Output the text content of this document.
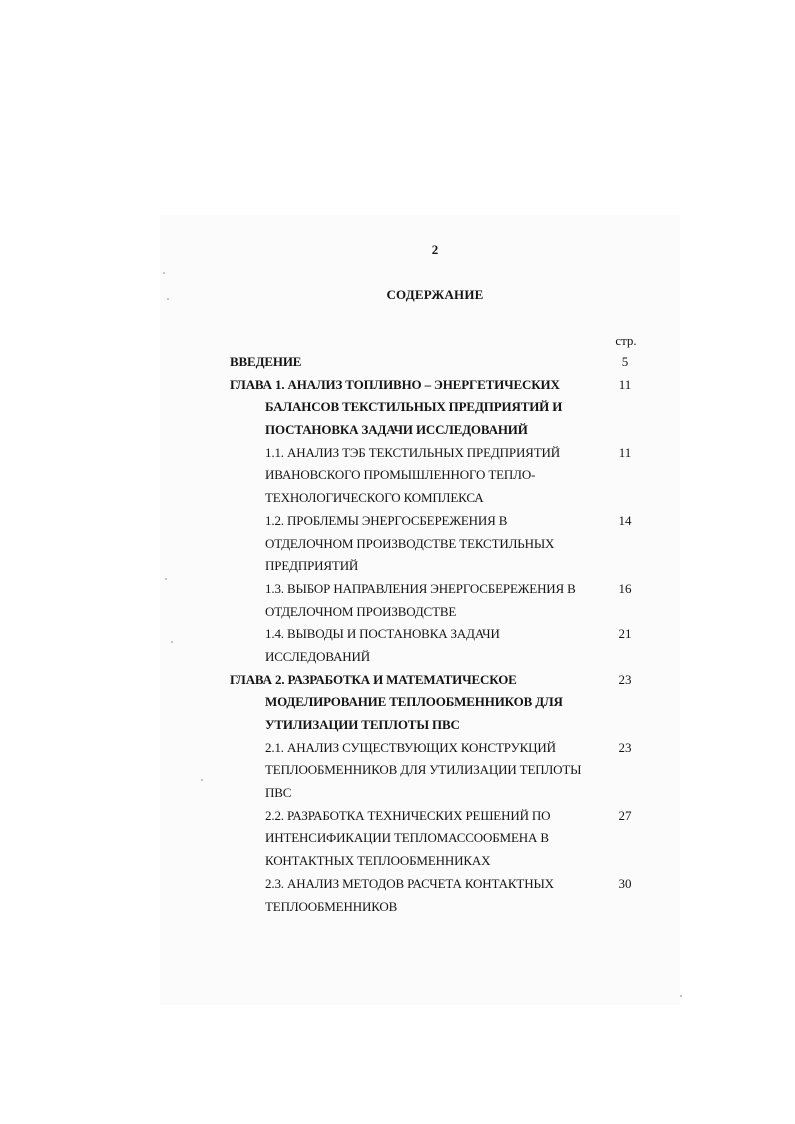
2
СОДЕРЖАНИЕ
стр.
ВВЕДЕНИЕ	5
ГЛАВА 1. АНАЛИЗ ТОПЛИВНО – ЭНЕРГЕТИЧЕСКИХ
БАЛАНСОВ ТЕКСТИЛЬНЫХ ПРЕДПРИЯТИЙ И
ПОСТАНОВКА ЗАДАЧИ ИССЛЕДОВАНИЙ
11
1.1. АНАЛИЗ ТЭБ ТЕКСТИЛЬНЫХ ПРЕДПРИЯТИЙ
ИВАНОВСКОГО ПРОМЫШЛЕННОГО ТЕПЛО-
ТЕХНОЛОГИЧЕСКОГО КОМПЛЕКСА
11
1.2. ПРОБЛЕМЫ ЭНЕРГОСБЕРЕЖЕНИЯ В
ОТДЕЛОЧНОМ ПРОИЗВОДСТВЕ ТЕКСТИЛЬНЫХ
ПРЕДПРИЯТИЙ
14
1.3. ВЫБОР НАПРАВЛЕНИЯ ЭНЕРГОСБЕРЕЖЕНИЯ В
ОТДЕЛОЧНОМ ПРОИЗВОДСТВЕ
16
1.4. ВЫВОДЫ И ПОСТАНОВКА ЗАДАЧИ
ИССЛЕДОВАНИЙ
21
ГЛАВА 2. РАЗРАБОТКА И МАТЕМАТИЧЕСКОЕ
МОДЕЛИРОВАНИЕ ТЕПЛООБМЕННИКОВ ДЛЯ
УТИЛИЗАЦИИ ТЕПЛОТЫ ПВС
23
2.1. АНАЛИЗ СУЩЕСТВУЮЩИХ КОНСТРУКЦИЙ
ТЕПЛООБМЕННИКОВ ДЛЯ УТИЛИЗАЦИИ ТЕПЛОТЫ
ПВС
23
2.2. РАЗРАБОТКА ТЕХНИЧЕСКИХ РЕШЕНИЙ ПО
ИНТЕНСИФИКАЦИИ ТЕПЛОМАССООБМЕНА В
КОНТАКТНЫХ ТЕПЛООБМЕННИКАХ
27
2.3. АНАЛИЗ МЕТОДОВ РАСЧЕТА КОНТАКТНЫХ
ТЕПЛООБМЕННИКОВ
30
